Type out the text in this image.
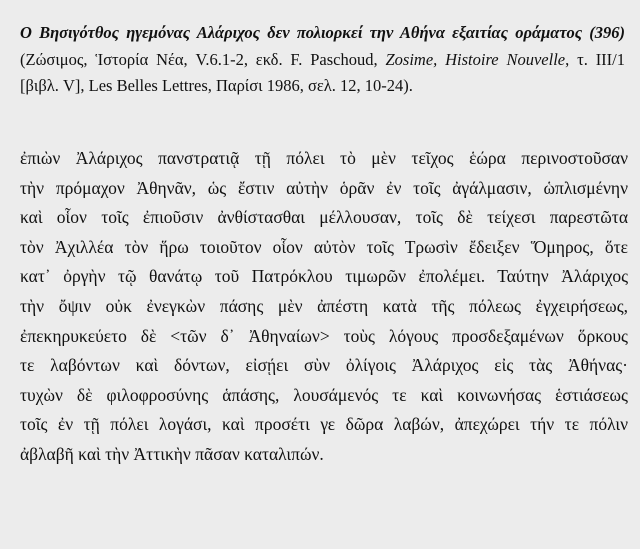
Ο Βησιγότθος ηγεμόνας Αλάριχος δεν πολιορκεί την Αθήνα εξαιτίας οράματος (396) (Ζώσιμος, Ἱστορία Νέα, V.6.1-2, εκδ. F. Paschoud, Zosime, Histoire Nouvelle, τ. III/1 [βιβλ. V], Les Belles Lettres, Παρίσι 1986, σελ. 12, 10-24).
ἐπιὼν Ἀλάριχος πανστρατιᾷ τῇ πόλει τὸ μὲν τεῖχος ἑώρα περινοστοῦσαν
τὴν πρόμαχον Ἀθηνᾶν, ὡς ἔστιν αὐτὴν ὁρᾶν ἐν τοῖς ἀγάλμασιν, ὡπλισμένην
καὶ οἷον τοῖς ἐπιοῦσιν ἀνθίστασθαι μέλλουσαν, τοῖς δὲ τείχεσι παρεστῶτα
τὸν Ἀχιλλέα τὸν ἥρω τοιοῦτον οἷον αὐτὸν τοῖς Τρωσὶν ἔδειξεν Ὅμηρος, ὅτε
κατ᾽ ὀργὴν τῷ θανάτῳ τοῦ Πατρόκλου τιμωρῶν ἐπολέμει. Ταύτην Ἀλάριχος
τὴν ὄψιν οὐκ ἐνεγκὼν πάσης μὲν ἀπέστη κατὰ τῆς πόλεως ἐγχειρήσεως,
ἐπεκηρυκεύετο δὲ <τῶν δ᾽ Ἀθηναίων> τοὺς λόγους προσδεξαμένων ὅρκους
τε λαβόντων καὶ δόντων, εἰσῄει σὺν ὀλίγοις Ἀλάριχος εἰς τὰς Ἀθήνας·
τυχὼν δὲ φιλοφροσύνης ἁπάσης, λουσάμενός τε καὶ κοινωνήσας ἑστιάσεως
τοῖς ἐν τῇ πόλει λογάσι, καὶ προσέτι γε δῶρα λαβών, ἀπεχώρει τήν τε πόλιν
ἀβλαβῆ καὶ τὴν Ἀττικὴν πᾶσαν καταλιπών.
